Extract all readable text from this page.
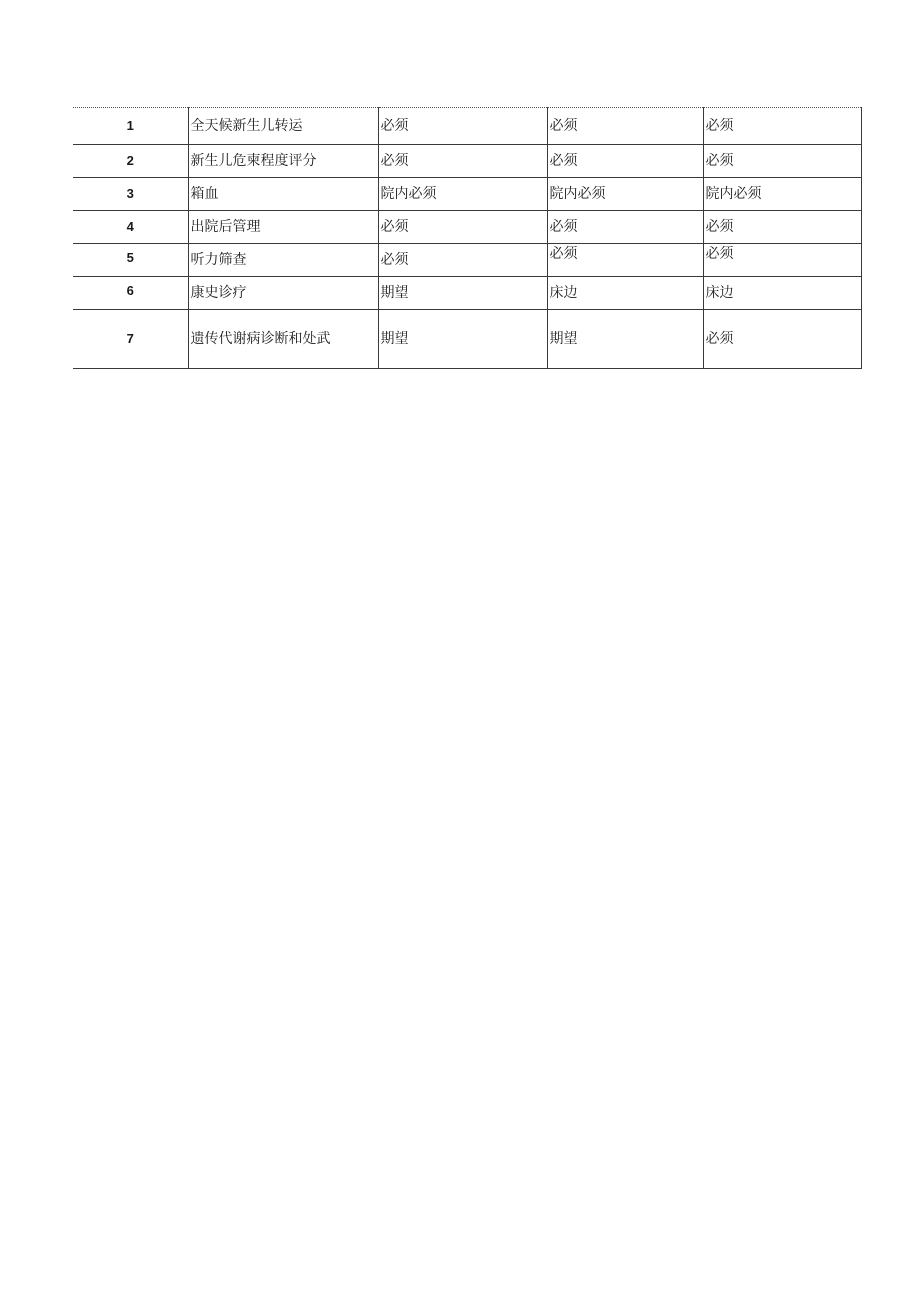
1	全天候新生儿转运	必须	必须	必须
2	新生儿危柬程度评分	必须	必须	必须
3	箱血	院内必须	院内必须	院内必须
4	出院后管理	必须	必须	必须
5	听力筛查	必须	必须	必须
6	康史诊疗	期望	床边	床边
7	遗传代谢病诊断和处武	期望	期望	必须
